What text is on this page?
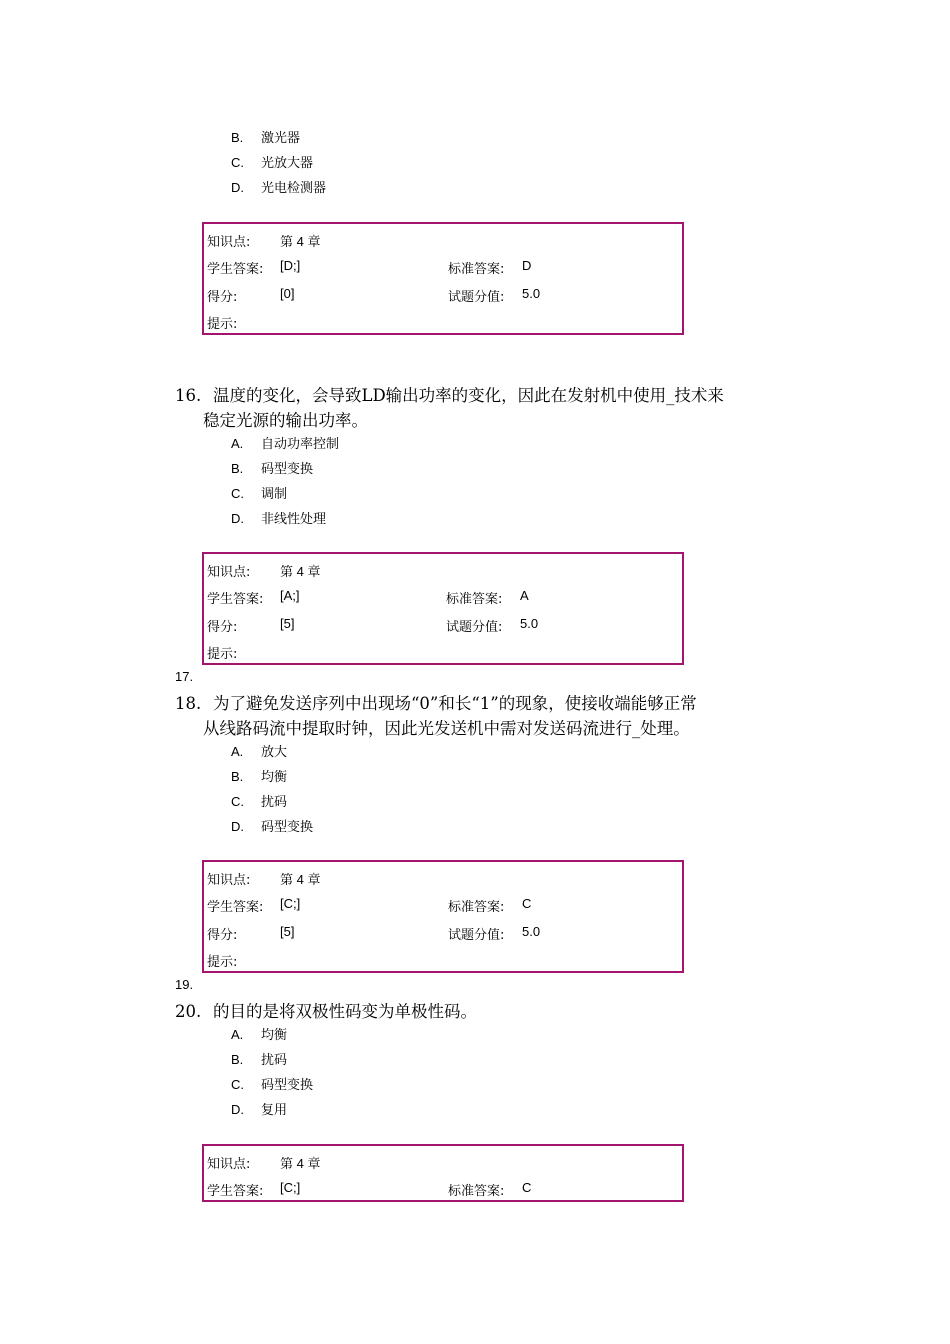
B. 激光器
C. 光放大器
D. 光电检测器
知识点: 第 4 章
学生答案: [D;]	标准答案: D
得分:	[0]	试题分值: 5.0
提示:
16. 温度的变化，会导致LD输出功率的变化，因此在发射机中使用_技术来
稳定光源的输出功率。
A. 自动功率控制
B. 码型变换
C. 调制
D. 非线性处理
知识点: 第 4 章
学生答案: [A;]	标准答案: A
得分:	[5]	试题分值: 5.0
提示:
17.
18. 为了避免发送序列中出现场“0”和长“1”的现象，使接收端能够正常
从线路码流中提取时钟，因此光发送机中需对发送码流进行_处理。
A. 放大
B. 均衡
C. 扰码
D. 码型变换
知识点: 第 4 章
学生答案: [C;]	标准答案: C
得分:	[5]	试题分值: 5.0
提示:
19.
20. 的目的是将双极性码变为单极性码。
A. 均衡
B. 扰码
C. 码型变换
D. 复用
知识点: 第 4 章
学生答案: [C;]	标准答案: C
